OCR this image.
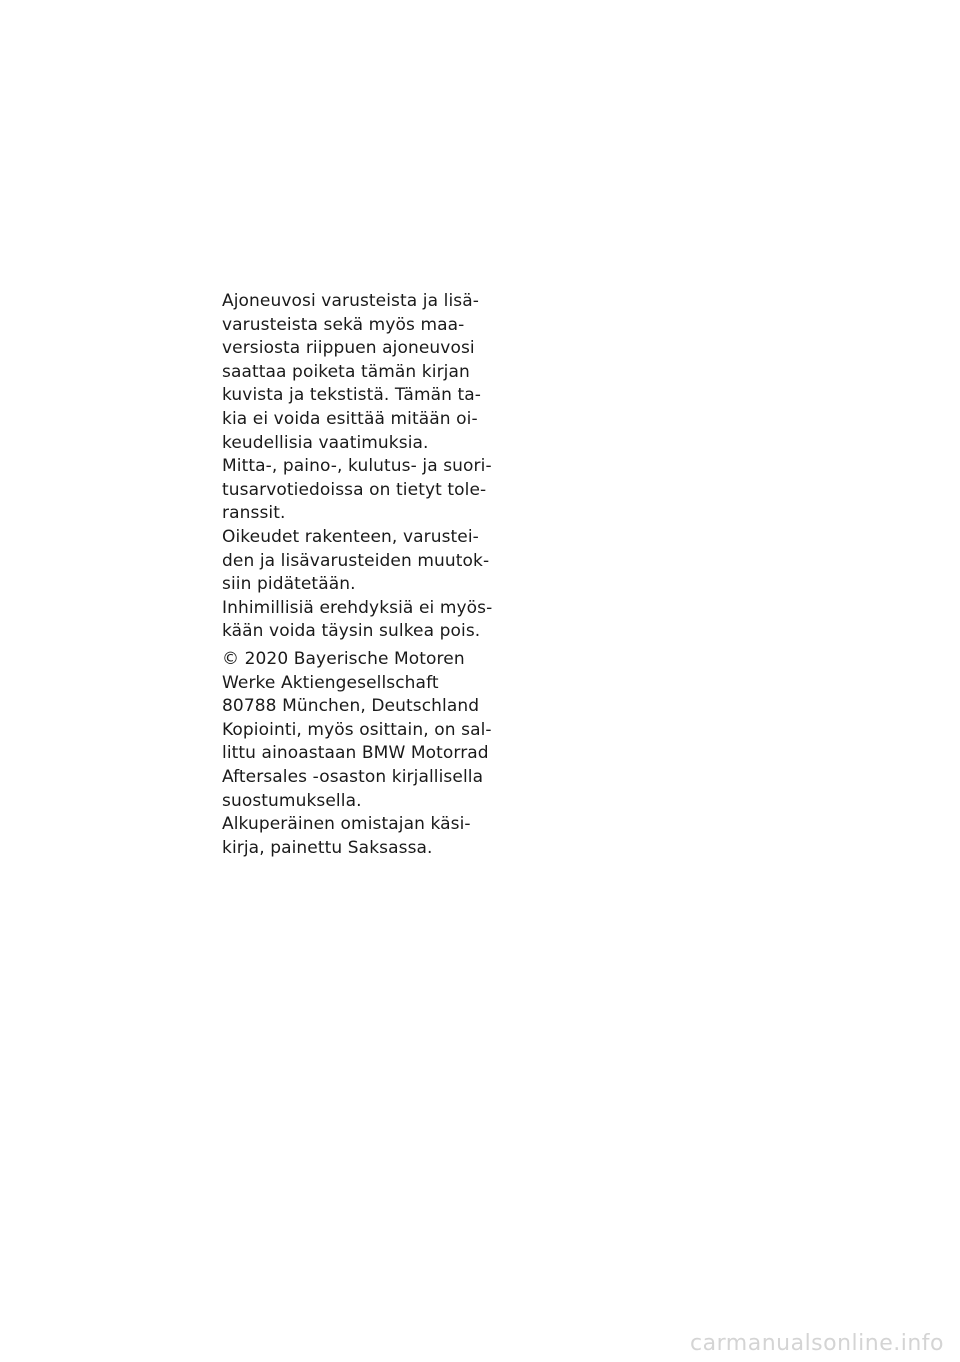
Ajoneuvosi varusteista ja lisä-
varusteista sekä myös maa-
versiosta riippuen ajoneuvosi
saattaa poiketa tämän kirjan
kuvista ja tekstistä. Tämän ta-
kia ei voida esittää mitään oi-
keudellisia vaatimuksia.
Mitta-, paino-, kulutus- ja suori-
tusarvotiedoissa on tietyt tole-
ranssit.
Oikeudet rakenteen, varustei-
den ja lisävarusteiden muutok-
siin pidätetään.
Inhimillisiä erehdyksiä ei myös-
kään voida täysin sulkea pois.
© 2020 Bayerische Motoren
Werke Aktiengesellschaft
80788 München, Deutschland
Kopiointi, myös osittain, on sal-
littu ainoastaan BMW Motorrad
Aftersales -osaston kirjallisella
suostumuksella.
Alkuperäinen omistajan käsi-
kirja, painettu Saksassa.
carmanualsonline.info
